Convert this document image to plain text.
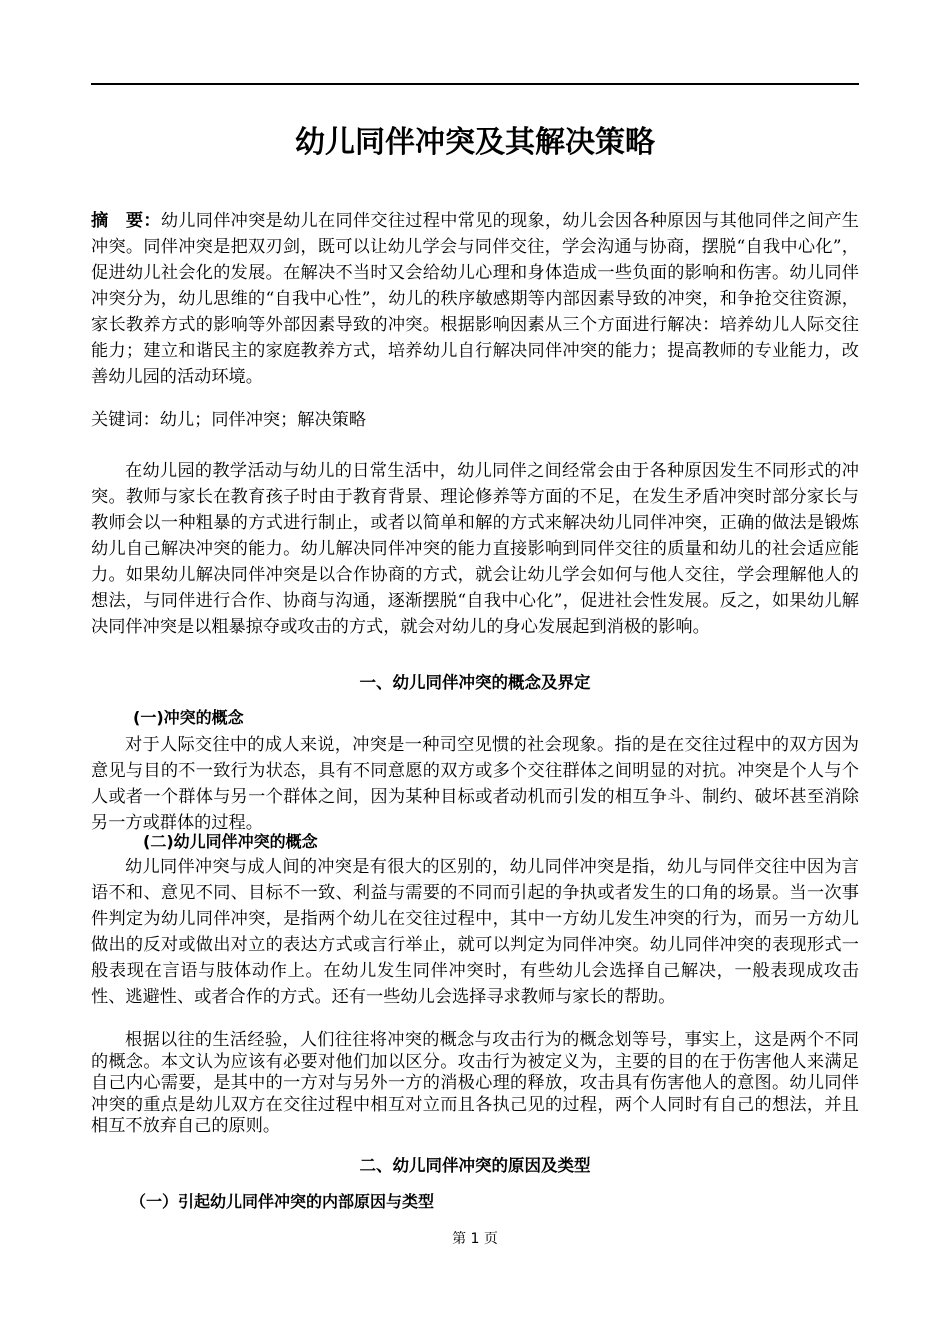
幼儿同伴冲突及其解决策略

摘　要：幼儿同伴冲突是幼儿在同伴交往过程中常见的现象，幼儿会因各种原因与其他同伴之间产生冲突。同伴冲突是把双刃剑，既可以让幼儿学会与同伴交往，学会沟通与协商，摆脱“自我中心化”，促进幼儿社会化的发展。在解决不当时又会给幼儿心理和身体造成一些负面的影响和伤害。幼儿同伴冲突分为，幼儿思维的“自我中心性”，幼儿的秩序敏感期等内部因素导致的冲突，和争抢交往资源，家长教养方式的影响等外部因素导致的冲突。根据影响因素从三个方面进行解决：培养幼儿人际交往能力；建立和谐民主的家庭教养方式，培养幼儿自行解决同伴冲突的能力；提高教师的专业能力，改善幼儿园的活动环境。

关键词：幼儿；同伴冲突；解决策略

在幼儿园的教学活动与幼儿的日常生活中，幼儿同伴之间经常会由于各种原因发生不同形式的冲突。教师与家长在教育孩子时由于教育背景、理论修养等方面的不足，在发生矛盾冲突时部分家长与教师会以一种粗暴的方式进行制止，或者以简单和解的方式来解决幼儿同伴冲突，正确的做法是锻炼幼儿自己解决冲突的能力。幼儿解决同伴冲突的能力直接影响到同伴交往的质量和幼儿的社会适应能力。如果幼儿解决同伴冲突是以合作协商的方式，就会让幼儿学会如何与他人交往，学会理解他人的想法，与同伴进行合作、协商与沟通，逐渐摆脱“自我中心化”，促进社会性发展。反之，如果幼儿解决同伴冲突是以粗暴掠夺或攻击的方式，就会对幼儿的身心发展起到消极的影响。

一、幼儿同伴冲突的概念及界定
(一)冲突的概念

对于人际交往中的成人来说，冲突是一种司空见惯的社会现象。指的是在交往过程中的双方因为意见与目的不一致行为状态，具有不同意愿的双方或多个交往群体之间明显的对抗。冲突是个人与个人或者一个群体与另一个群体之间，因为某种目标或者动机而引发的相互争斗、制约、破坏甚至消除另一方或群体的过程。

(二)幼儿同伴冲突的概念

幼儿同伴冲突与成人间的冲突是有很大的区别的，幼儿同伴冲突是指，幼儿与同伴交往中因为言语不和、意见不同、目标不一致、利益与需要的不同而引起的争执或者发生的口角的场景。当一次事件判定为幼儿同伴冲突，是指两个幼儿在交往过程中，其中一方幼儿发生冲突的行为，而另一方幼儿做出的反对或做出对立的表达方式或言行举止，就可以判定为同伴冲突。幼儿同伴冲突的表现形式一般表现在言语与肢体动作上。在幼儿发生同伴冲突时，有些幼儿会选择自己解决，一般表现成攻击性、逃避性、或者合作的方式。还有一些幼儿会选择寻求教师与家长的帮助。

根据以往的生活经验，人们往往将冲突的概念与攻击行为的概念划等号，事实上，这是两个不同的概念。本文认为应该有必要对他们加以区分。攻击行为被定义为，主要的目的在于伤害他人来满足自己内心需要，是其中的一方对与另外一方的消极心理的释放，攻击具有伤害他人的意图。幼儿同伴冲突的重点是幼儿双方在交往过程中相互对立而且各执己见的过程，两个人同时有自己的想法，并且相互不放弃自己的原则。

二、幼儿同伴冲突的原因及类型
（一）引起幼儿同伴冲突的内部原因与类型
第 1 页
